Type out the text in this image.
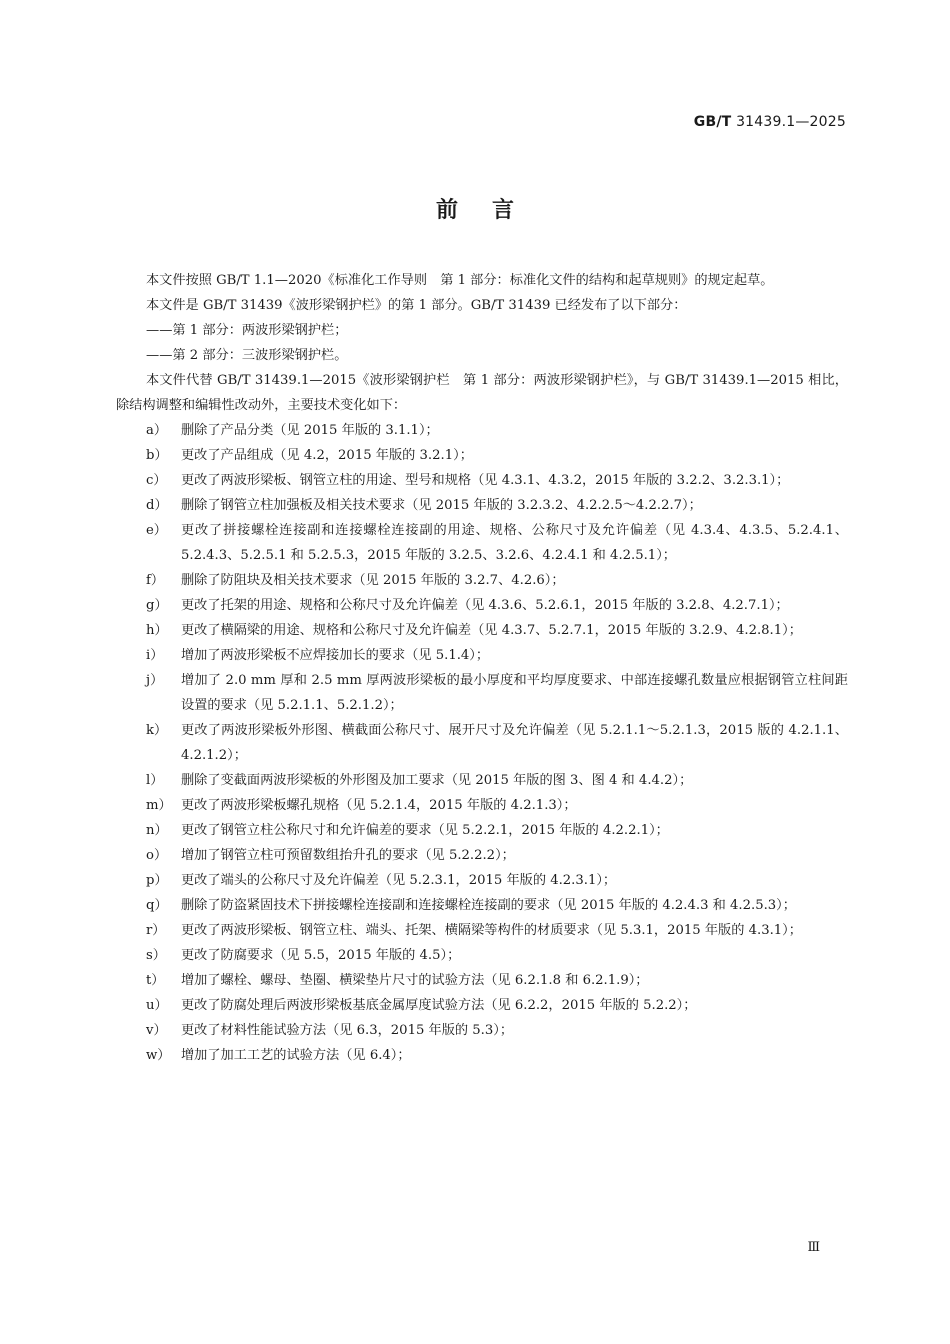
GB/T 31439.1—2025
前言

本文件按照 GB/T 1.1—2020《标准化工作导则　第 1 部分：标准化文件的结构和起草规则》的规定起草。

本文件是 GB/T 31439《波形梁钢护栏》的第 1 部分。GB/T 31439 已经发布了以下部分：

——第 1 部分：两波形梁钢护栏；

——第 2 部分：三波形梁钢护栏。

本文件代替 GB/T 31439.1—2015《波形梁钢护栏　第 1 部分：两波形梁钢护栏》，与 GB/T 31439.1—2015 相比，除结构调整和编辑性改动外，主要技术变化如下：

a）	删除了产品分类（见 2015 年版的 3.1.1）；
b）	更改了产品组成（见 4.2，2015 年版的 3.2.1）；
c）	更改了两波形梁板、钢管立柱的用途、型号和规格（见 4.3.1、4.3.2，2015 年版的 3.2.2、3.2.3.1）；
d）	删除了钢管立柱加强板及相关技术要求（见 2015 年版的 3.2.3.2、4.2.2.5～4.2.2.7）；
e）	更改了拼接螺栓连接副和连接螺栓连接副的用途、规格、公称尺寸及允许偏差（见 4.3.4、4.3.5、5.2.4.1、5.2.4.3、5.2.5.1 和 5.2.5.3，2015 年版的 3.2.5、3.2.6、4.2.4.1 和 4.2.5.1）；
f）	删除了防阻块及相关技术要求（见 2015 年版的 3.2.7、4.2.6）；
g）	更改了托架的用途、规格和公称尺寸及允许偏差（见 4.3.6、5.2.6.1，2015 年版的 3.2.8、4.2.7.1）；
h）	更改了横隔梁的用途、规格和公称尺寸及允许偏差（见 4.3.7、5.2.7.1，2015 年版的 3.2.9、4.2.8.1）；
i）	增加了两波形梁板不应焊接加长的要求（见 5.1.4）；
j）	增加了 2.0 mm 厚和 2.5 mm 厚两波形梁板的最小厚度和平均厚度要求、中部连接螺孔数量应根据钢管立柱间距设置的要求（见 5.2.1.1、5.2.1.2）；
k）	更改了两波形梁板外形图、横截面公称尺寸、展开尺寸及允许偏差（见 5.2.1.1～5.2.1.3，2015 版的 4.2.1.1、4.2.1.2）；
l）	删除了变截面两波形梁板的外形图及加工要求（见 2015 年版的图 3、图 4 和 4.4.2）；
m） 更改了两波形梁板螺孔规格（见 5.2.1.4，2015 年版的 4.2.1.3）；
n）	更改了钢管立柱公称尺寸和允许偏差的要求（见 5.2.2.1，2015 年版的 4.2.2.1）；
o）	增加了钢管立柱可预留数组抬升孔的要求（见 5.2.2.2）；
p）	更改了端头的公称尺寸及允许偏差（见 5.2.3.1，2015 年版的 4.2.3.1）；
q）	删除了防盗紧固技术下拼接螺栓连接副和连接螺栓连接副的要求（见 2015 年版的 4.2.4.3 和 4.2.5.3）；
r）	更改了两波形梁板、钢管立柱、端头、托架、横隔梁等构件的材质要求（见 5.3.1，2015 年版的 4.3.1）；
s）	更改了防腐要求（见 5.5，2015 年版的 4.5）；
t）	增加了螺栓、螺母、垫圈、横梁垫片尺寸的试验方法（见 6.2.1.8 和 6.2.1.9）；
u）	更改了防腐处理后两波形梁板基底金属厚度试验方法（见 6.2.2，2015 年版的 5.2.2）；
v）	更改了材料性能试验方法（见 6.3，2015 年版的 5.3）；
w） 增加了加工工艺的试验方法（见 6.4）；
Ⅲ
